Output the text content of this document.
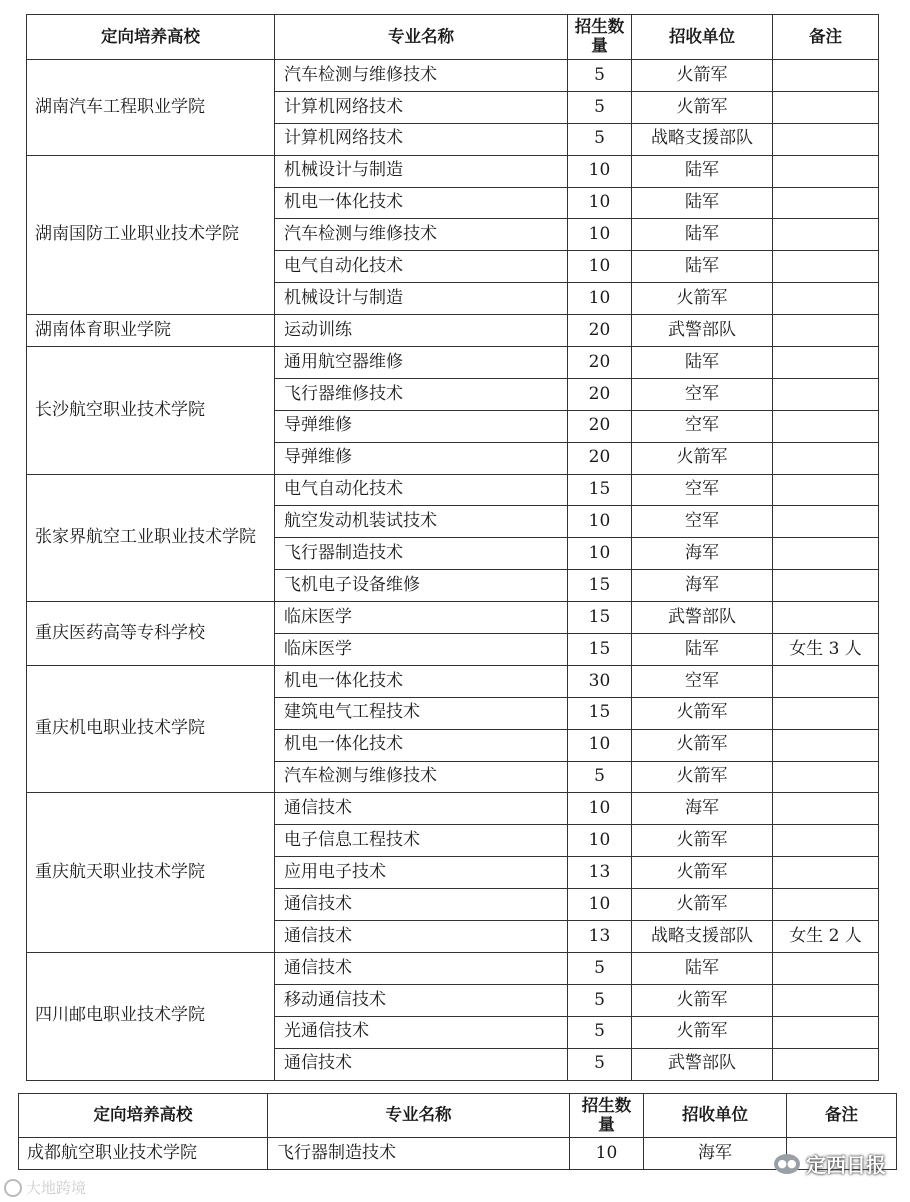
定向培养高校	专业名称	招生数量	招收单位	备注
湖南汽车工程职业学院	汽车检测与维修技术	5	火箭军	
	计算机网络技术	5	火箭军	
	计算机网络技术	5	战略支援部队	
湖南国防工业职业技术学院	机械设计与制造	10	陆军	
	机电一体化技术	10	陆军	
	汽车检测与维修技术	10	陆军	
	电气自动化技术	10	陆军	
	机械设计与制造	10	火箭军	
湖南体育职业学院	运动训练	20	武警部队	
长沙航空职业技术学院	通用航空器维修	20	陆军	
	飞行器维修技术	20	空军	
	导弹维修	20	空军	
	导弹维修	20	火箭军	
张家界航空工业职业技术学院	电气自动化技术	15	空军	
	航空发动机装试技术	10	空军	
	飞行器制造技术	10	海军	
	飞机电子设备维修	15	海军	
重庆医药高等专科学校	临床医学	15	武警部队	
	临床医学	15	陆军	女生 3 人
重庆机电职业技术学院	机电一体化技术	30	空军	
	建筑电气工程技术	15	火箭军	
	机电一体化技术	10	火箭军	
	汽车检测与维修技术	5	火箭军	
重庆航天职业技术学院	通信技术	10	海军	
	电子信息工程技术	10	火箭军	
	应用电子技术	13	火箭军	
	通信技术	10	火箭军	
	通信技术	13	战略支援部队	女生 2 人
四川邮电职业技术学院	通信技术	5	陆军	
	移动通信技术	5	火箭军	
	光通信技术	5	火箭军	
	通信技术	5	武警部队	
定向培养高校	专业名称	招生数量	招收单位	备注
成都航空职业技术学院	飞行器制造技术	10	海军	
●● 定西日报
大地跨境
